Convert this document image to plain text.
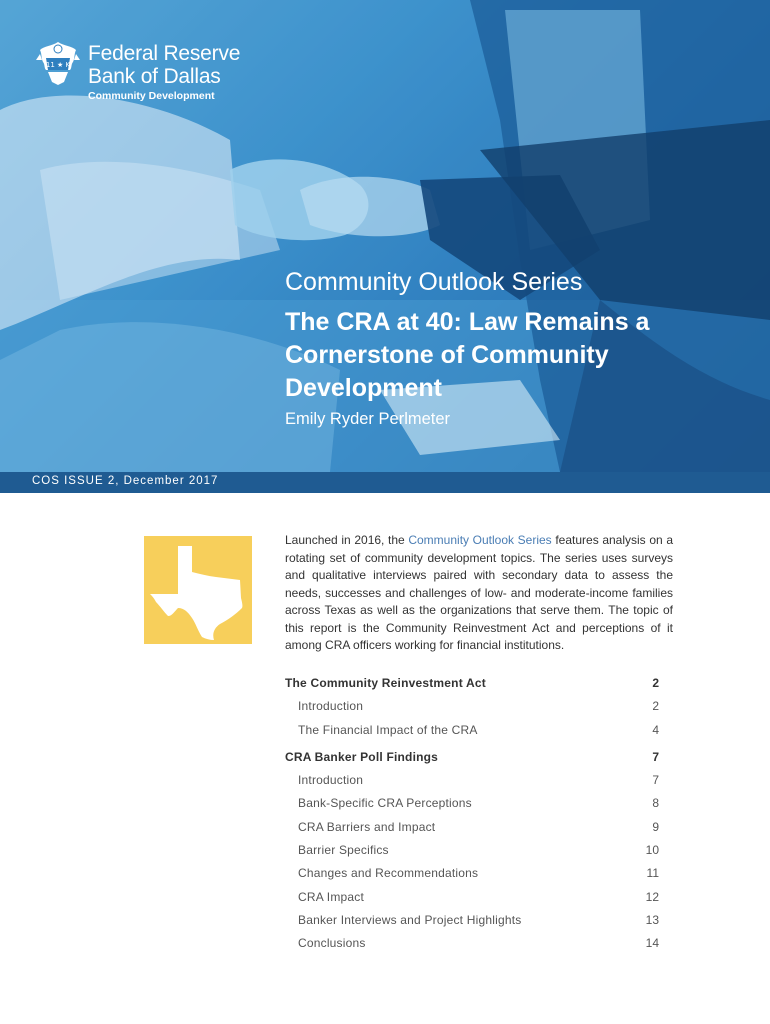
11 ★ K Federal Reserve
Bank of Dallas
Community Development
Community Outlook Series
The CRA at 40: Law Remains a Cornerstone of Community Development
Emily Ryder Perlmeter
COS ISSUE 2, December 2017
Launched in 2016, the Community Outlook Series features analysis on a rotating set of community development topics. The series uses surveys and qualitative interviews paired with secondary data to assess the needs, successes and challenges of low- and moderate-income families across Texas as well as the organizations that serve them. The topic of this report is the Community Reinvestment Act and perceptions of it among CRA officers working for financial institutions.
The Community Reinvestment Act	2
Introduction	2
The Financial Impact of the CRA	4
CRA Banker Poll Findings	7
Introduction	7
Bank-Specific CRA Perceptions	8
CRA Barriers and Impact	9
Barrier Specifics	10
Changes and Recommendations	11
CRA Impact	12
Banker Interviews and Project Highlights	13
Conclusions	14
